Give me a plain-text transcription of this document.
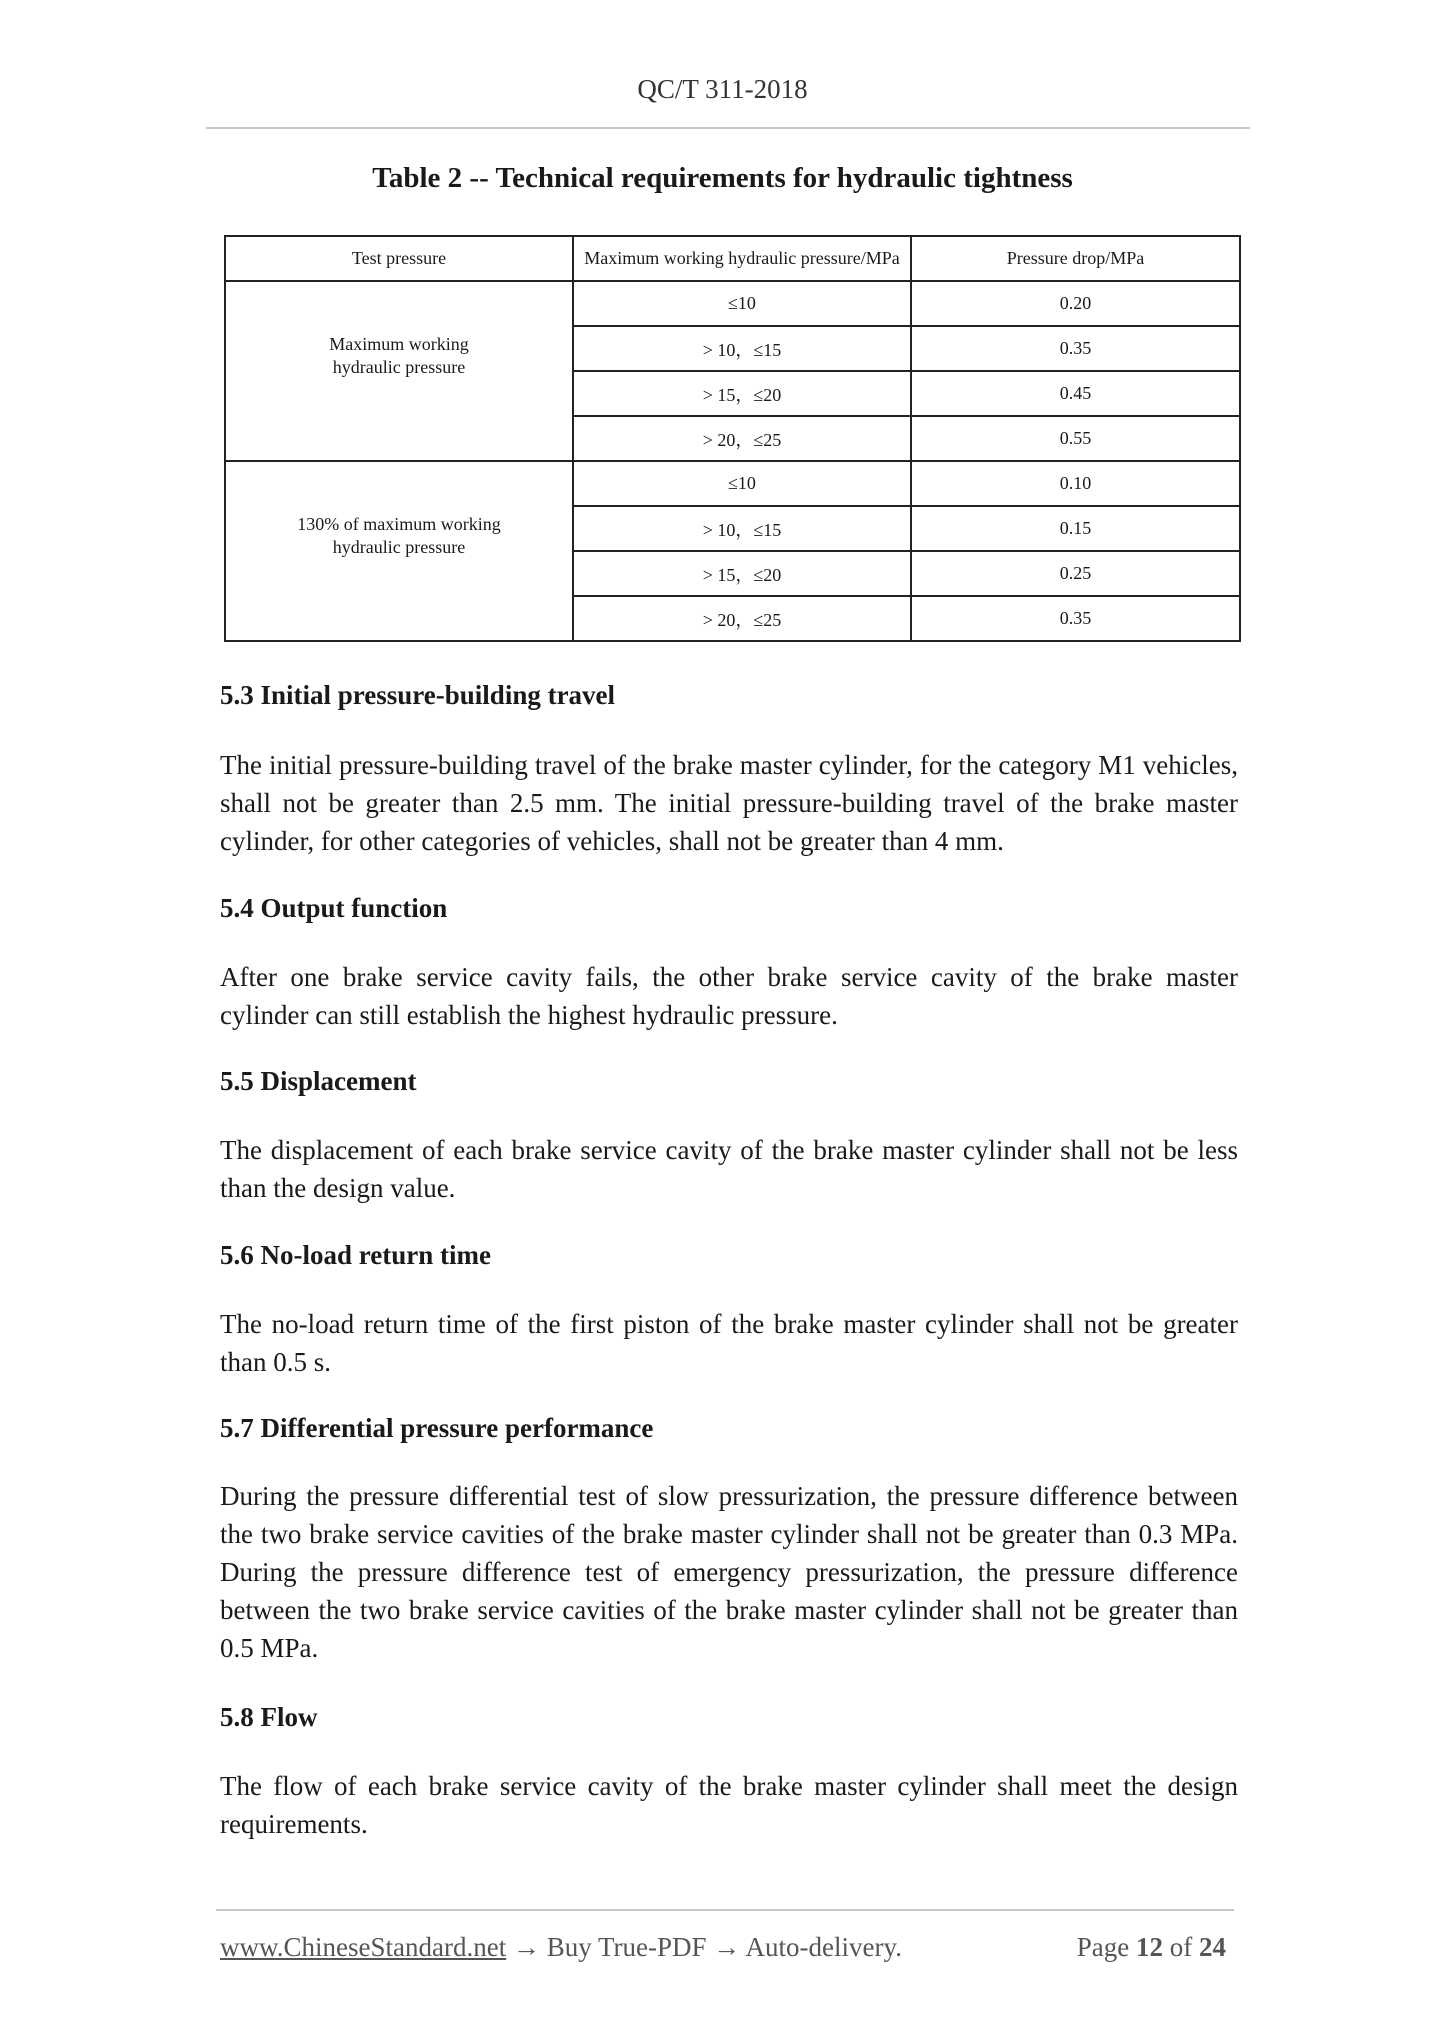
QC/T 311-2018
Table 2 -- Technical requirements for hydraulic tightness
Test pressure	Maximum working hydraulic pressure/MPa	Pressure drop/MPa
Maximum working
hydraulic pressure	≤10	0.20
	> 10，≤15	0.35
	> 15，≤20	0.45
	> 20，≤25	0.55
130% of maximum working
hydraulic pressure	≤10	0.10
	> 10，≤15	0.15
	> 15，≤20	0.25
	> 20，≤25	0.35
5.3 Initial pressure-building travel
The initial pressure-building travel of the brake master cylinder, for the category M1 vehicles, shall not be greater than 2.5 mm. The initial pressure-building travel of the brake master cylinder, for other categories of vehicles, shall not be greater than 4 mm.
5.4 Output function
After one brake service cavity fails, the other brake service cavity of the brake master cylinder can still establish the highest hydraulic pressure.
5.5 Displacement
The displacement of each brake service cavity of the brake master cylinder shall not be less than the design value.
5.6 No-load return time
The no-load return time of the first piston of the brake master cylinder shall not be greater than 0.5 s.
5.7 Differential pressure performance
During the pressure differential test of slow pressurization, the pressure difference between the two brake service cavities of the brake master cylinder shall not be greater than 0.3 MPa. During the pressure difference test of emergency pressurization, the pressure difference between the two brake service cavities of the brake master cylinder shall not be greater than 0.5 MPa.
5.8 Flow
The flow of each brake service cavity of the brake master cylinder shall meet the design requirements.
www.ChineseStandard.net → Buy True-PDF → Auto-delivery.	Page 12 of 24
